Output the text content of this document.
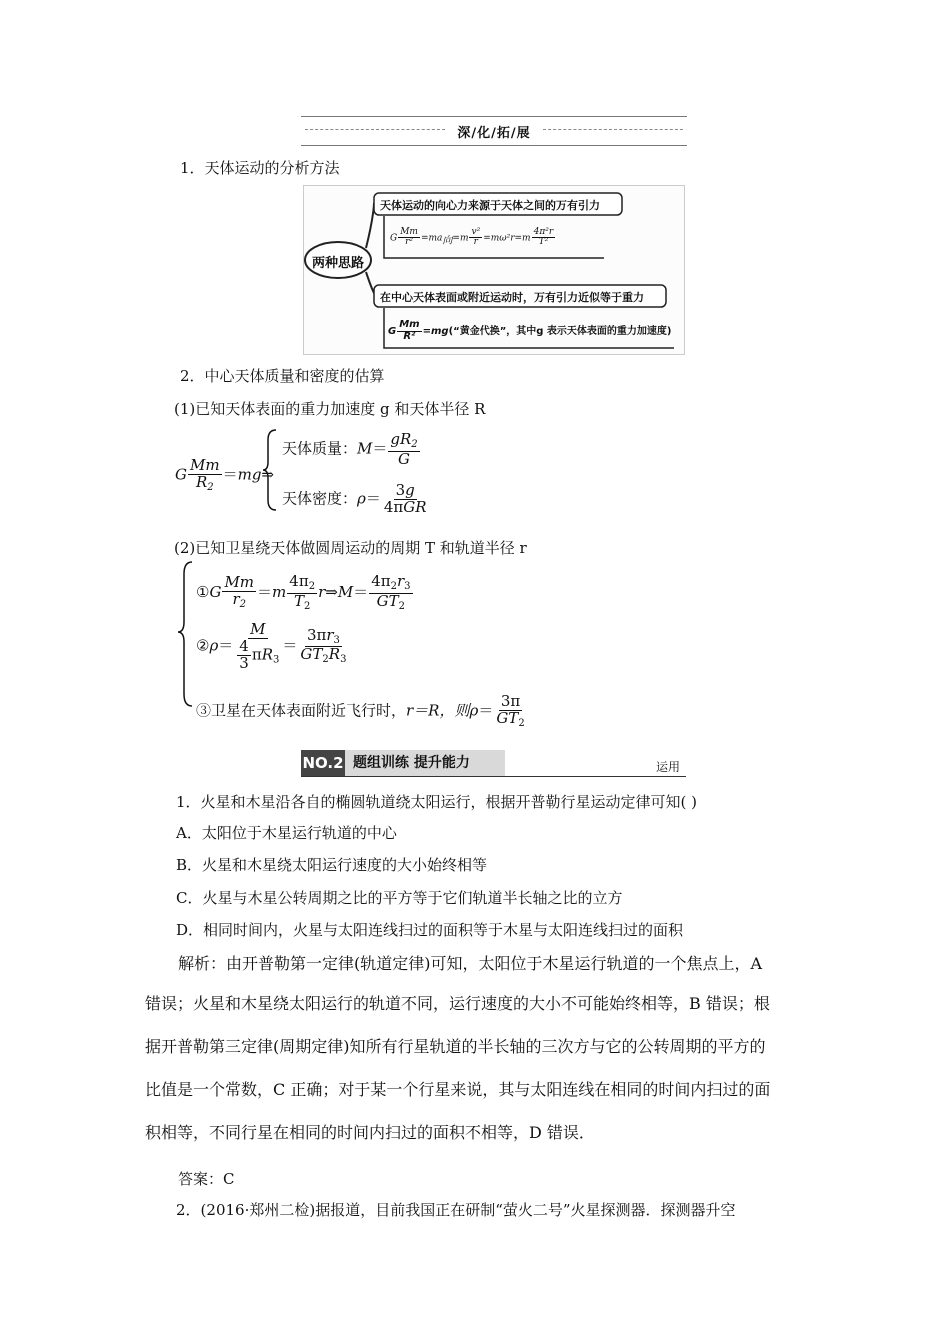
深/化/拓/展
1．天体运动的分析方法
两种思路
天体运动的向心力来源于天体之间的万有引力
G $\frac{Mm}{\text{r²}} =ma_向=m \frac{\text{v²}}{r} =m\omega^2r=m \frac{\text{4π²r}}{\text{T²}}$
在中心天体表面或附近运动时，万有引力近似等于重力
G $\frac{Mm}{\text{R²}}$ =mg(“黄金代换”，其中g 表示天体表面的重力加速度)
2．中心天体质量和密度的估算
(1)已知天体表面的重力加速度 g 和天体半径 R
G $\frac{Mm}{R_2}$ ＝mg⇒
天体质量：$M= \frac{gR_2}{G}$
天体密度：$\rho= \frac{3g}{\text{4πGR}}$
(2)已知卫星绕天体做圆周运动的周期 T 和轨道半径 r
①G $\frac{Mm}{r_2} =m \frac{4\pi_2}{T_2}$ r⇒M＝ $\frac{4\pi_2r_3}{GT_2}$
②ρ＝ $\frac{M}{\frac{4}{3} \pi R_3} = \frac{3\pi r_3}{GT_2R_3}$
③卫星在天体表面附近飞行时，r＝R，则$\rho= \frac{3\pi}{GT_2}$
NO.2 题组训练 提升能力	运用
1．火星和木星沿各自的椭圆轨道绕太阳运行，根据开普勒行星运动定律可知( )
A．太阳位于木星运行轨道的中心
B．火星和木星绕太阳运行速度的大小始终相等
C．火星与木星公转周期之比的平方等于它们轨道半长轴之比的立方
D．相同时间内，火星与太阳连线扫过的面积等于木星与太阳连线扫过的面积
解析：由开普勒第一定律(轨道定律)可知，太阳位于木星运行轨道的一个焦点上，A
错误；火星和木星绕太阳运行的轨道不同，运行速度的大小不可能始终相等，B 错误；根
据开普勒第三定律(周期定律)知所有行星轨道的半长轴的三次方与它的公转周期的平方的
比值是一个常数，C 正确；对于某一个行星来说，其与太阳连线在相同的时间内扫过的面
积相等，不同行星在相同的时间内扫过的面积不相等，D 错误．
答案：C
2．(2016·郑州二检)据报道，目前我国正在研制“萤火二号”火星探测器．探测器升空
